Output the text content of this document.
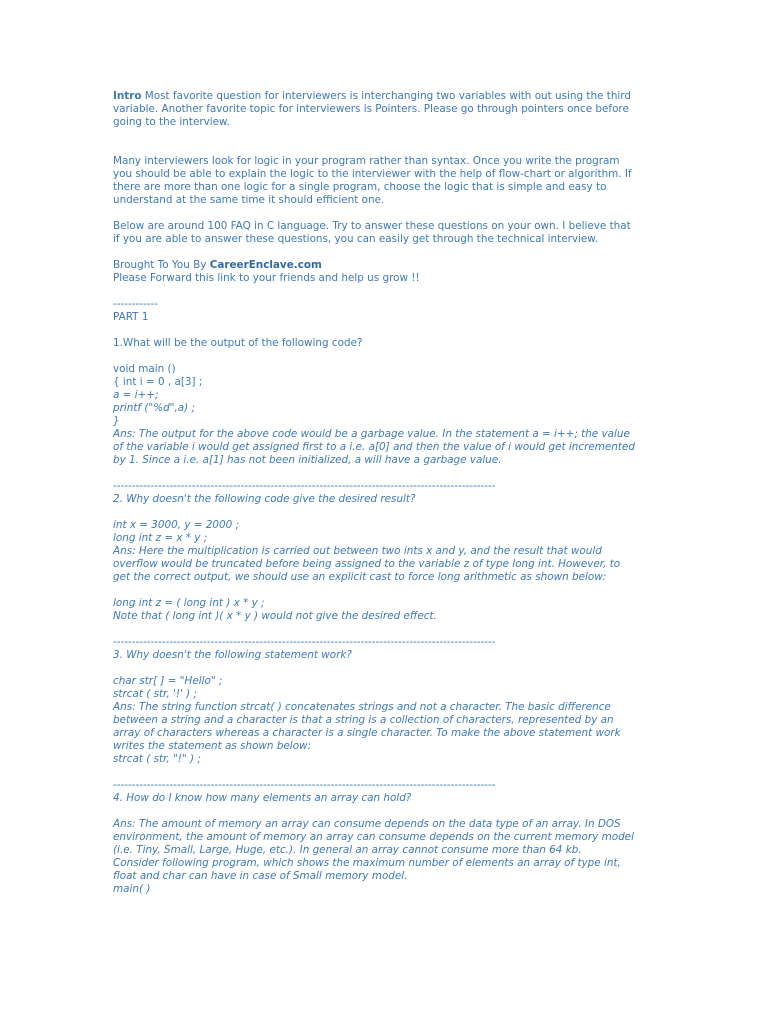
Intro Most favorite question for interviewers is interchanging two variables with out using the third
variable. Another favorite topic for interviewers is Pointers. Please go through pointers once before
going to the interview.
Many interviewers look for logic in your program rather than syntax. Once you write the program
you should be able to explain the logic to the interviewer with the help of flow-chart or algorithm. If
there are more than one logic for a single program, choose the logic that is simple and easy to
understand at the same time it should efficient one.
Below are around 100 FAQ in C language. Try to answer these questions on your own. I believe that
if you are able to answer these questions, you can easily get through the technical interview.
Brought To You By CareerEnclave.com
Please Forward this link to your friends and help us grow !!
------------
PART 1
1.What will be the output of the following code?
void main ()
{ int i = 0 , a[3] ;
a = i++;
printf ("%d",a) ;
}
Ans: The output for the above code would be a garbage value. In the statement a = i++; the value
of the variable i would get assigned first to a i.e. a[0] and then the value of i would get incremented
by 1. Since a i.e. a[1] has not been initialized, a will have a garbage value.
------------------------------------------------------------------------------------------------------
2. Why doesn't the following code give the desired result?
int x = 3000, y = 2000 ;
long int z = x * y ;
Ans: Here the multiplication is carried out between two ints x and y, and the result that would
overflow would be truncated before being assigned to the variable z of type long int. However, to
get the correct output, we should use an explicit cast to force long arithmetic as shown below:
long int z = ( long int ) x * y ;
Note that ( long int )( x * y ) would not give the desired effect.
------------------------------------------------------------------------------------------------------
3. Why doesn't the following statement work?
char str[ ] = "Hello" ;
strcat ( str, '!' ) ;
Ans: The string function strcat( ) concatenates strings and not a character. The basic difference
between a string and a character is that a string is a collection of characters, represented by an
array of characters whereas a character is a single character. To make the above statement work
writes the statement as shown below:
strcat ( str, "!" ) ;
------------------------------------------------------------------------------------------------------
4. How do I know how many elements an array can hold?
Ans: The amount of memory an array can consume depends on the data type of an array. In DOS
environment, the amount of memory an array can consume depends on the current memory model
(i.e. Tiny, Small, Large, Huge, etc.). In general an array cannot consume more than 64 kb.
Consider following program, which shows the maximum number of elements an array of type int,
float and char can have in case of Small memory model.
main( )
